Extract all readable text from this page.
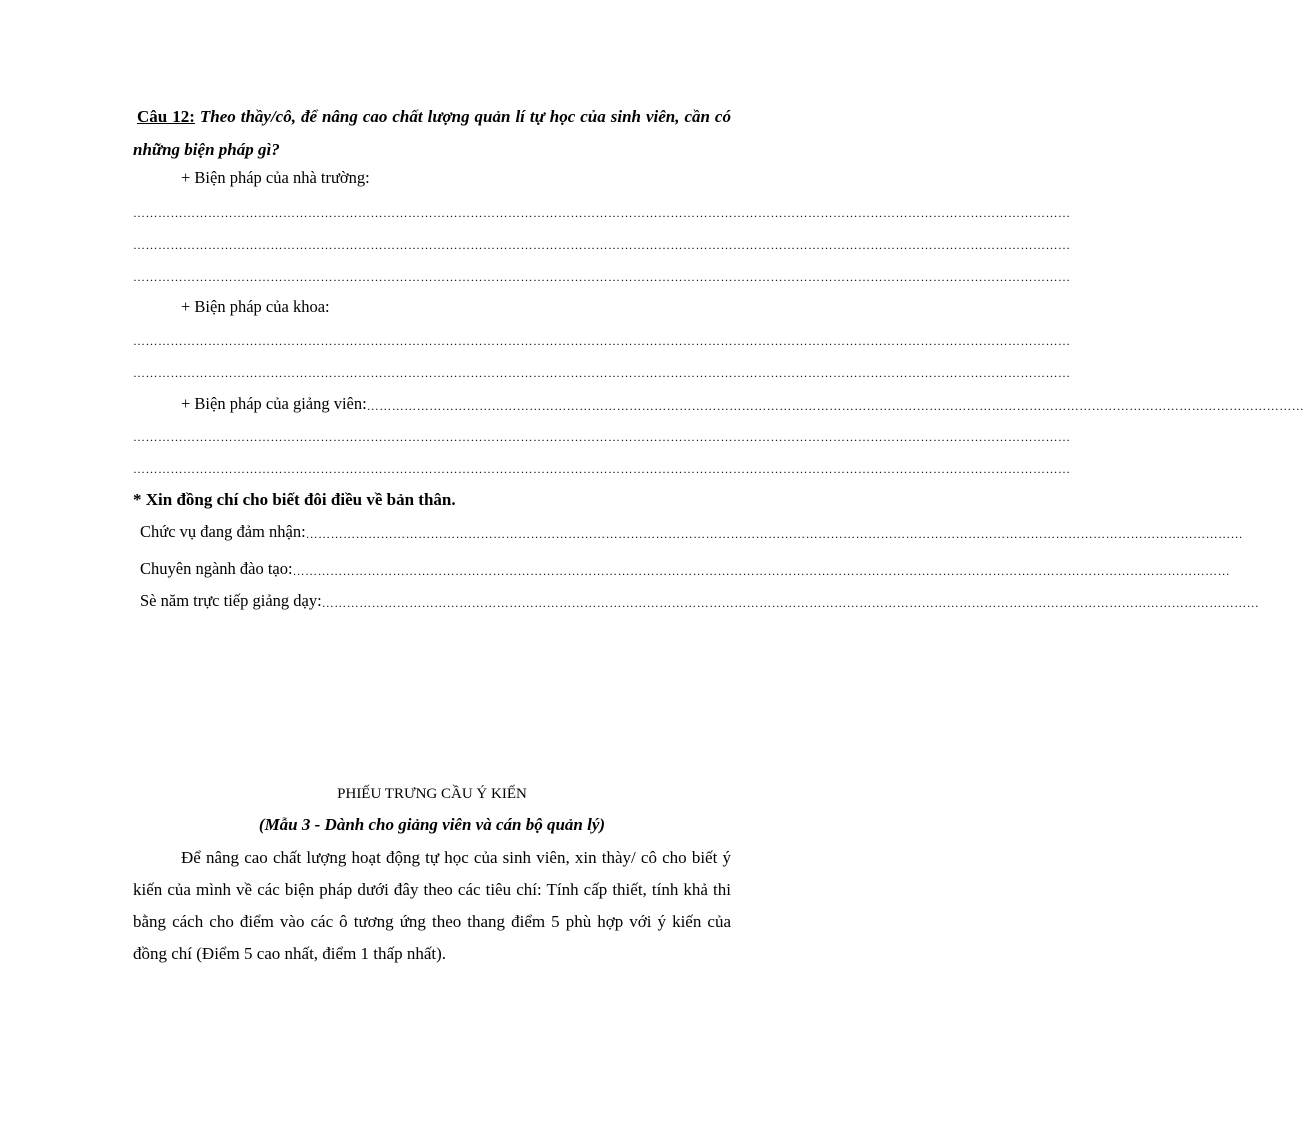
Câu 12: Theo thầy/cô, để nâng cao chất lượng quản lí tự học của sinh viên, cần có những biện pháp gì?
+ Biện pháp của nhà trường:
………………………………………………………………………………………………………………………………………………………………………………………………………
………………………………………………………………………………………………………………………………………………………………………………………………………
………………………………………………………………………………………………………………………………………………………………………………………………………
+ Biện pháp của khoa:
………………………………………………………………………………………………………………………………………………………………………………………………………
………………………………………………………………………………………………………………………………………………………………………………………………………
+ Biện pháp của giảng viên:………………………………………………………………………………………………………………………………………………………………………………………………………
………………………………………………………………………………………………………………………………………………………………………………………………………
………………………………………………………………………………………………………………………………………………………………………………………………………
* Xin đồng chí cho biết đôi điều về bản thân.
Chức vụ đang đảm nhận:………………………………………………………………………………………………………………………………………………………………………………………………………
Chuyên ngành đào tạo:………………………………………………………………………………………………………………………………………………………………………………………………………
Sè năm trực tiếp giảng dạy:………………………………………………………………………………………………………………………………………………………………………………………………………
PHIẾU TRƯNG CẦU Ý KIẾN
(Mẫu 3 - Dành cho giảng viên và cán bộ quản lý)
Để nâng cao chất lượng hoạt động tự học của sinh viên, xin thày/ cô cho biết ý kiến của mình về các biện pháp dưới đây theo các tiêu chí: Tính cấp thiết, tính khả thi bằng cách cho điểm vào các ô tương ứng theo thang điểm 5 phù hợp với ý kiến của đồng chí (Điểm 5 cao nhất, điểm 1 thấp nhất).
